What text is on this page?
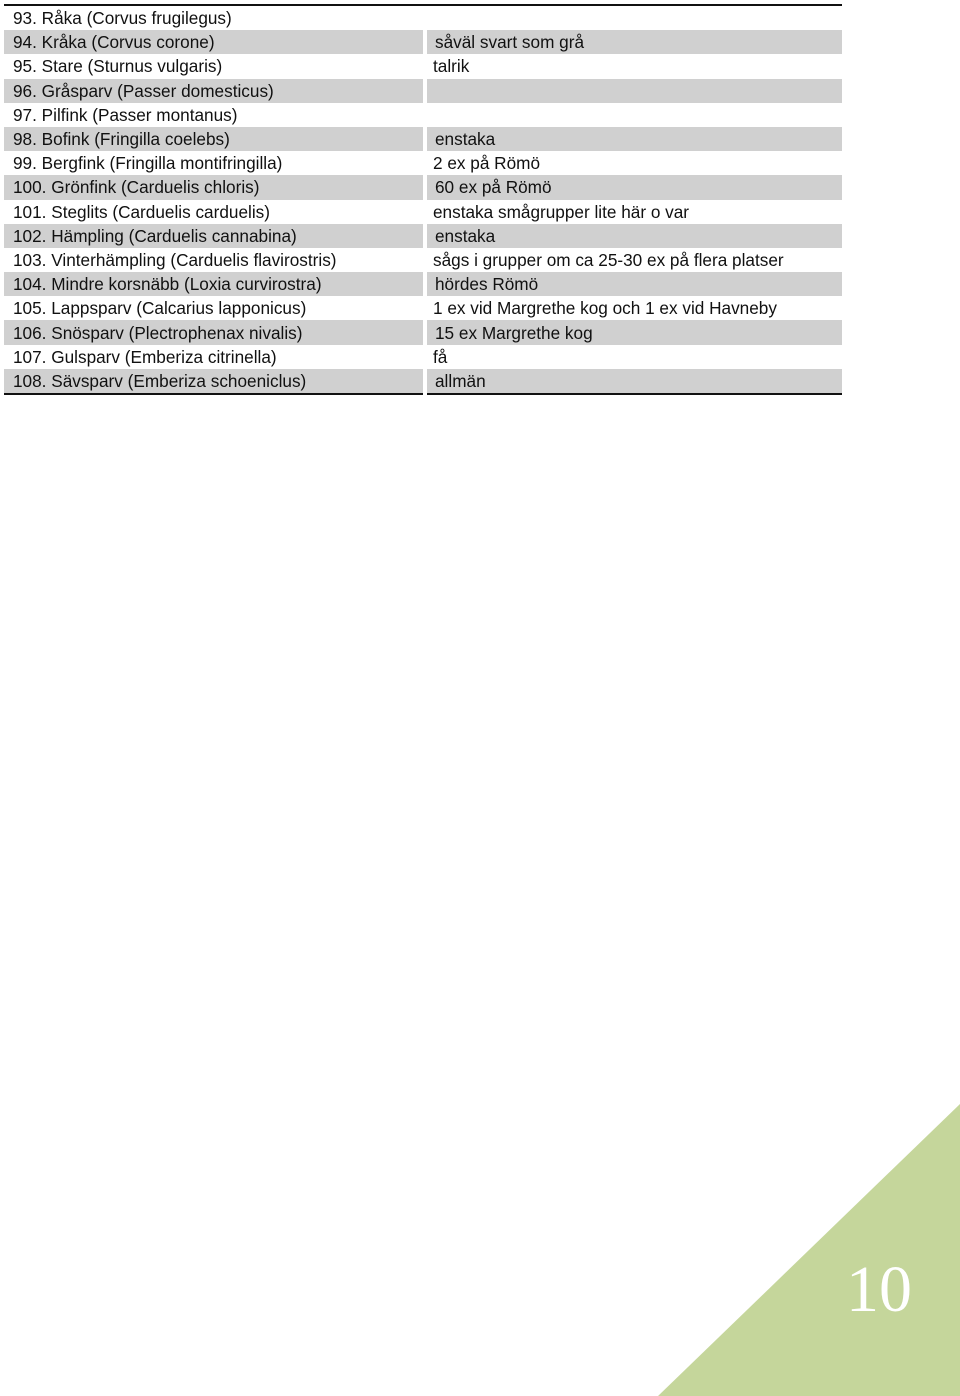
93. Råka (Corvus frugilegus)	
94. Kråka (Corvus corone)	såväl svart som grå
95. Stare (Sturnus vulgaris)	talrik
96. Gråsparv (Passer domesticus)	
97. Pilfink (Passer montanus)	
98. Bofink (Fringilla coelebs)	enstaka
99. Bergfink (Fringilla montifringilla)	2 ex på Römö
100. Grönfink (Carduelis chloris)	60 ex på Römö
101. Steglits (Carduelis carduelis)	enstaka smågrupper lite här o var
102. Hämpling (Carduelis cannabina)	enstaka
103. Vinterhämpling (Carduelis flavirostris)	sågs i grupper om ca 25-30 ex på flera platser
104. Mindre korsnäbb (Loxia curvirostra)	hördes Römö
105. Lappsparv (Calcarius lapponicus)	1 ex vid Margrethe kog och 1 ex vid Havneby
106. Snösparv (Plectrophenax nivalis)	15 ex Margrethe kog
107. Gulsparv (Emberiza citrinella)	få
108. Sävsparv (Emberiza schoeniclus)	allmän
10
